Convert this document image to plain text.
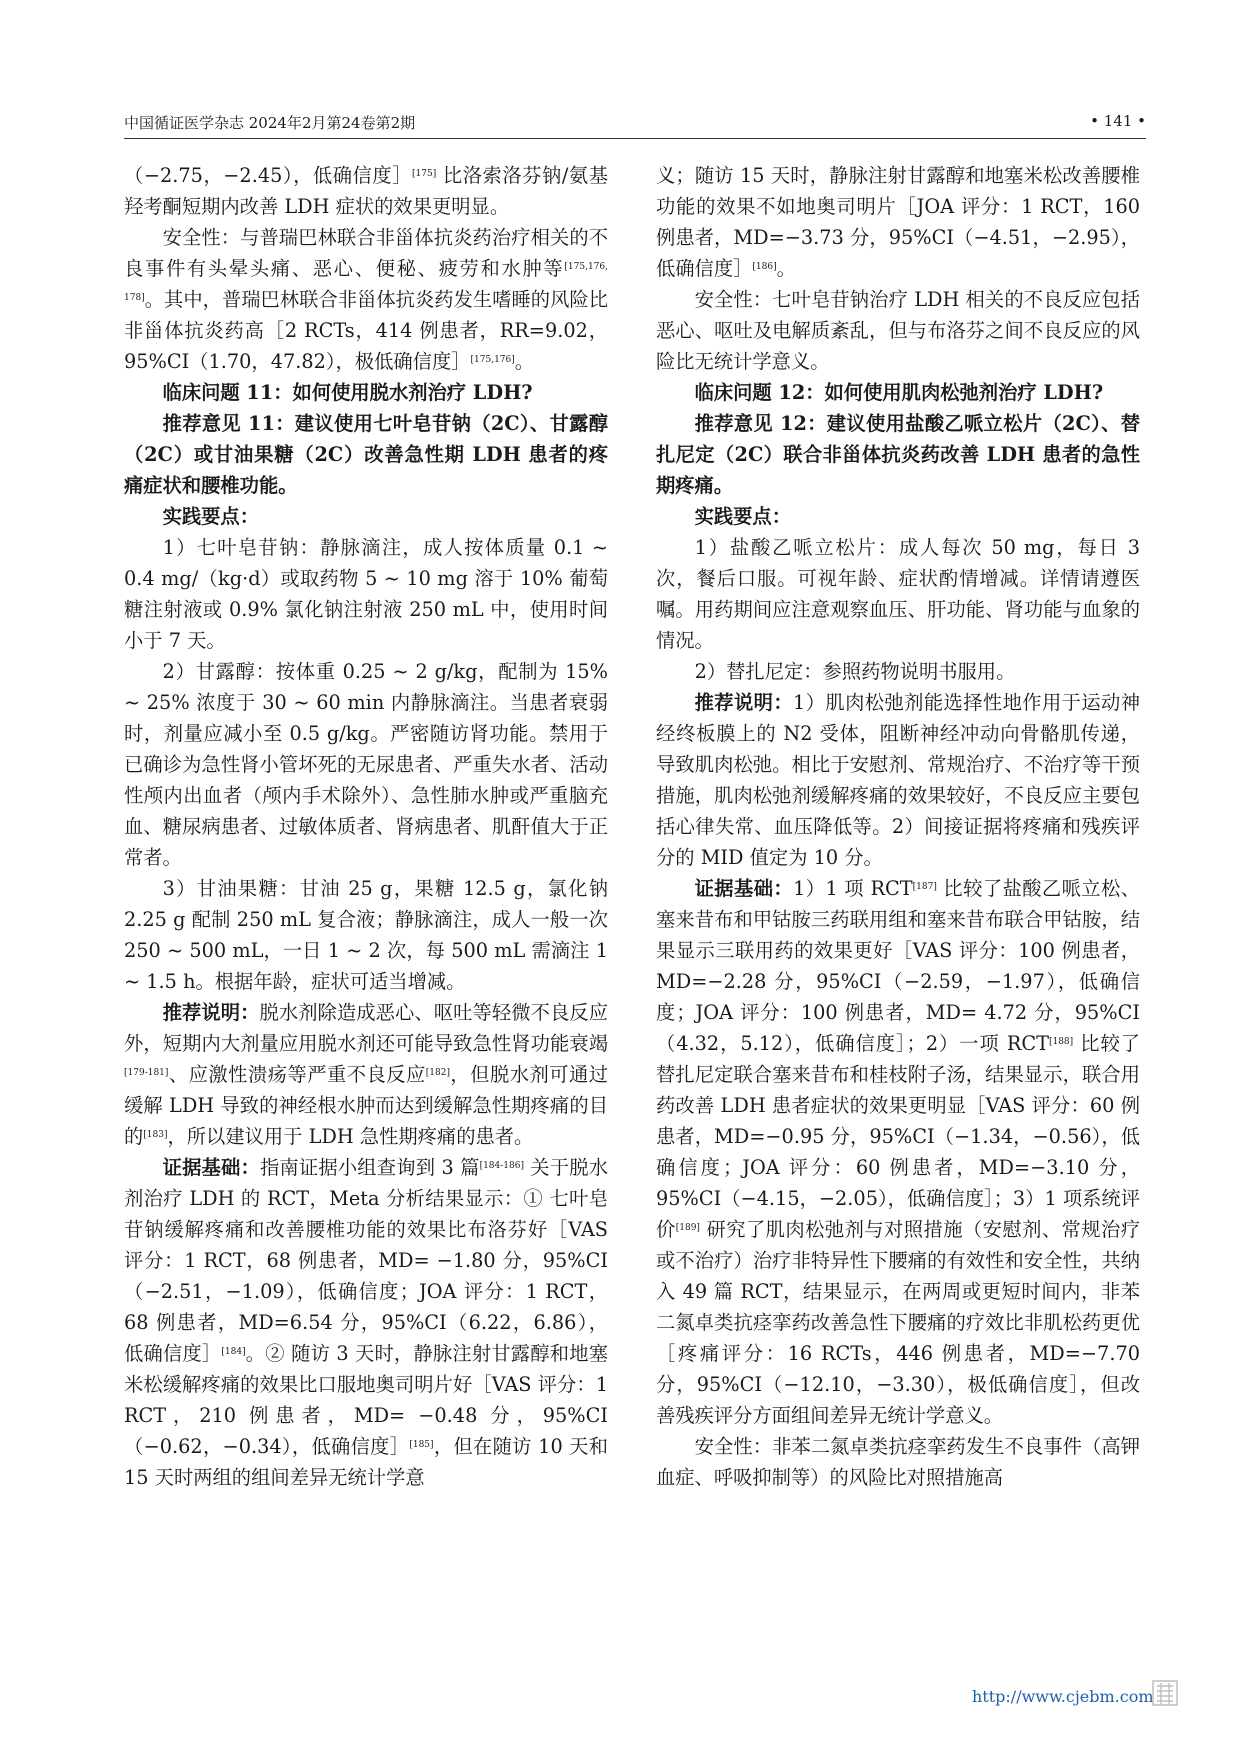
中国循证医学杂志 2024年2月第24卷第2期	• 141 •

（−2.75，−2.45），低确信度］[175] 比洛索洛芬钠/氨基羟考酮短期内改善 LDH 症状的效果更明显。

安全性：与普瑞巴林联合非甾体抗炎药治疗相关的不良事件有头晕头痛、恶心、便秘、疲劳和水肿等[175,176, 178]。其中，普瑞巴林联合非甾体抗炎药发生嗜睡的风险比非甾体抗炎药高［2 RCTs，414 例患者，RR=9.02，95%CI（1.70，47.82），极低确信度］[175,176]。

临床问题 11：如何使用脱水剂治疗 LDH?

推荐意见 11：建议使用七叶皂苷钠（2C）、甘露醇（2C）或甘油果糖（2C）改善急性期 LDH 患者的疼痛症状和腰椎功能。

实践要点：

1）七叶皂苷钠：静脉滴注，成人按体质量 0.1 ~ 0.4 mg/（kg·d）或取药物 5 ~ 10 mg 溶于 10% 葡萄糖注射液或 0.9% 氯化钠注射液 250 mL 中，使用时间小于 7 天。

2）甘露醇：按体重 0.25 ~ 2 g/kg，配制为 15% ~ 25% 浓度于 30 ~ 60 min 内静脉滴注。当患者衰弱时，剂量应减小至 0.5 g/kg。严密随访肾功能。禁用于已确诊为急性肾小管坏死的无尿患者、严重失水者、活动性颅内出血者（颅内手术除外）、急性肺水肿或严重脑充血、糖尿病患者、过敏体质者、肾病患者、肌酐值大于正常者。

3）甘油果糖：甘油 25 g，果糖 12.5 g，氯化钠 2.25 g 配制 250 mL 复合液；静脉滴注，成人一般一次 250 ~ 500 mL，一日 1 ~ 2 次，每 500 mL 需滴注 1 ~ 1.5 h。根据年龄，症状可适当增减。

推荐说明：脱水剂除造成恶心、呕吐等轻微不良反应外，短期内大剂量应用脱水剂还可能导致急性肾功能衰竭[179-181]、应激性溃疡等严重不良反应[182]，但脱水剂可通过缓解 LDH 导致的神经根水肿而达到缓解急性期疼痛的目的[183]，所以建议用于 LDH 急性期疼痛的患者。

证据基础：指南证据小组查询到 3 篇[184-186] 关于脱水剂治疗 LDH 的 RCT，Meta 分析结果显示：① 七叶皂苷钠缓解疼痛和改善腰椎功能的效果比布洛芬好［VAS 评分：1 RCT，68 例患者，MD= −1.80 分，95%CI（−2.51，−1.09），低确信度；JOA 评分：1 RCT，68 例患者，MD=6.54 分，95%CI（6.22，6.86），低确信度］[184]。② 随访 3 天时，静脉注射甘露醇和地塞米松缓解疼痛的效果比口服地奥司明片好［VAS 评分：1 RCT，210 例患者，MD= −0.48 分，95%CI（−0.62，−0.34），低确信度］[185]，但在随访 10 天和 15 天时两组的组间差异无统计学意

义；随访 15 天时，静脉注射甘露醇和地塞米松改善腰椎功能的效果不如地奥司明片［JOA 评分：1 RCT，160 例患者，MD=−3.73 分，95%CI（−4.51，−2.95），低确信度］[186]。

安全性：七叶皂苷钠治疗 LDH 相关的不良反应包括恶心、呕吐及电解质紊乱，但与布洛芬之间不良反应的风险比无统计学意义。

临床问题 12：如何使用肌肉松弛剂治疗 LDH?

推荐意见 12：建议使用盐酸乙哌立松片（2C）、替扎尼定（2C）联合非甾体抗炎药改善 LDH 患者的急性期疼痛。

实践要点：

1）盐酸乙哌立松片：成人每次 50 mg，每日 3 次，餐后口服。可视年龄、症状酌情增减。详情请遵医嘱。用药期间应注意观察血压、肝功能、肾功能与血象的情况。

2）替扎尼定：参照药物说明书服用。

推荐说明：1）肌肉松弛剂能选择性地作用于运动神经终板膜上的 N2 受体，阻断神经冲动向骨骼肌传递，导致肌肉松弛。相比于安慰剂、常规治疗、不治疗等干预措施，肌肉松弛剂缓解疼痛的效果较好，不良反应主要包括心律失常、血压降低等。2）间接证据将疼痛和残疾评分的 MID 值定为 10 分。

证据基础：1）1 项 RCT[187] 比较了盐酸乙哌立松、塞来昔布和甲钴胺三药联用组和塞来昔布联合甲钴胺，结果显示三联用药的效果更好［VAS 评分：100 例患者，MD=−2.28 分，95%CI（−2.59，−1.97），低确信度；JOA 评分：100 例患者，MD= 4.72 分，95%CI（4.32，5.12），低确信度］；2）一项 RCT[188] 比较了替扎尼定联合塞来昔布和桂枝附子汤，结果显示，联合用药改善 LDH 患者症状的效果更明显［VAS 评分：60 例患者，MD=−0.95 分，95%CI（−1.34，−0.56），低确信度；JOA 评分：60 例患者，MD=−3.10 分，95%CI（−4.15，−2.05），低确信度］；3）1 项系统评价[189] 研究了肌肉松弛剂与对照措施（安慰剂、常规治疗或不治疗）治疗非特异性下腰痛的有效性和安全性，共纳入 49 篇 RCT，结果显示，在两周或更短时间内，非苯二氮卓类抗痉挛药改善急性下腰痛的疗效比非肌松药更优［疼痛评分：16 RCTs，446 例患者，MD=−7.70 分，95%CI（−12.10，−3.30），极低确信度］，但改善残疾评分方面组间差异无统计学意义。

安全性：非苯二氮卓类抗痉挛药发生不良事件（高钾血症、呼吸抑制等）的风险比对照措施高

http://www.cjebm.com
